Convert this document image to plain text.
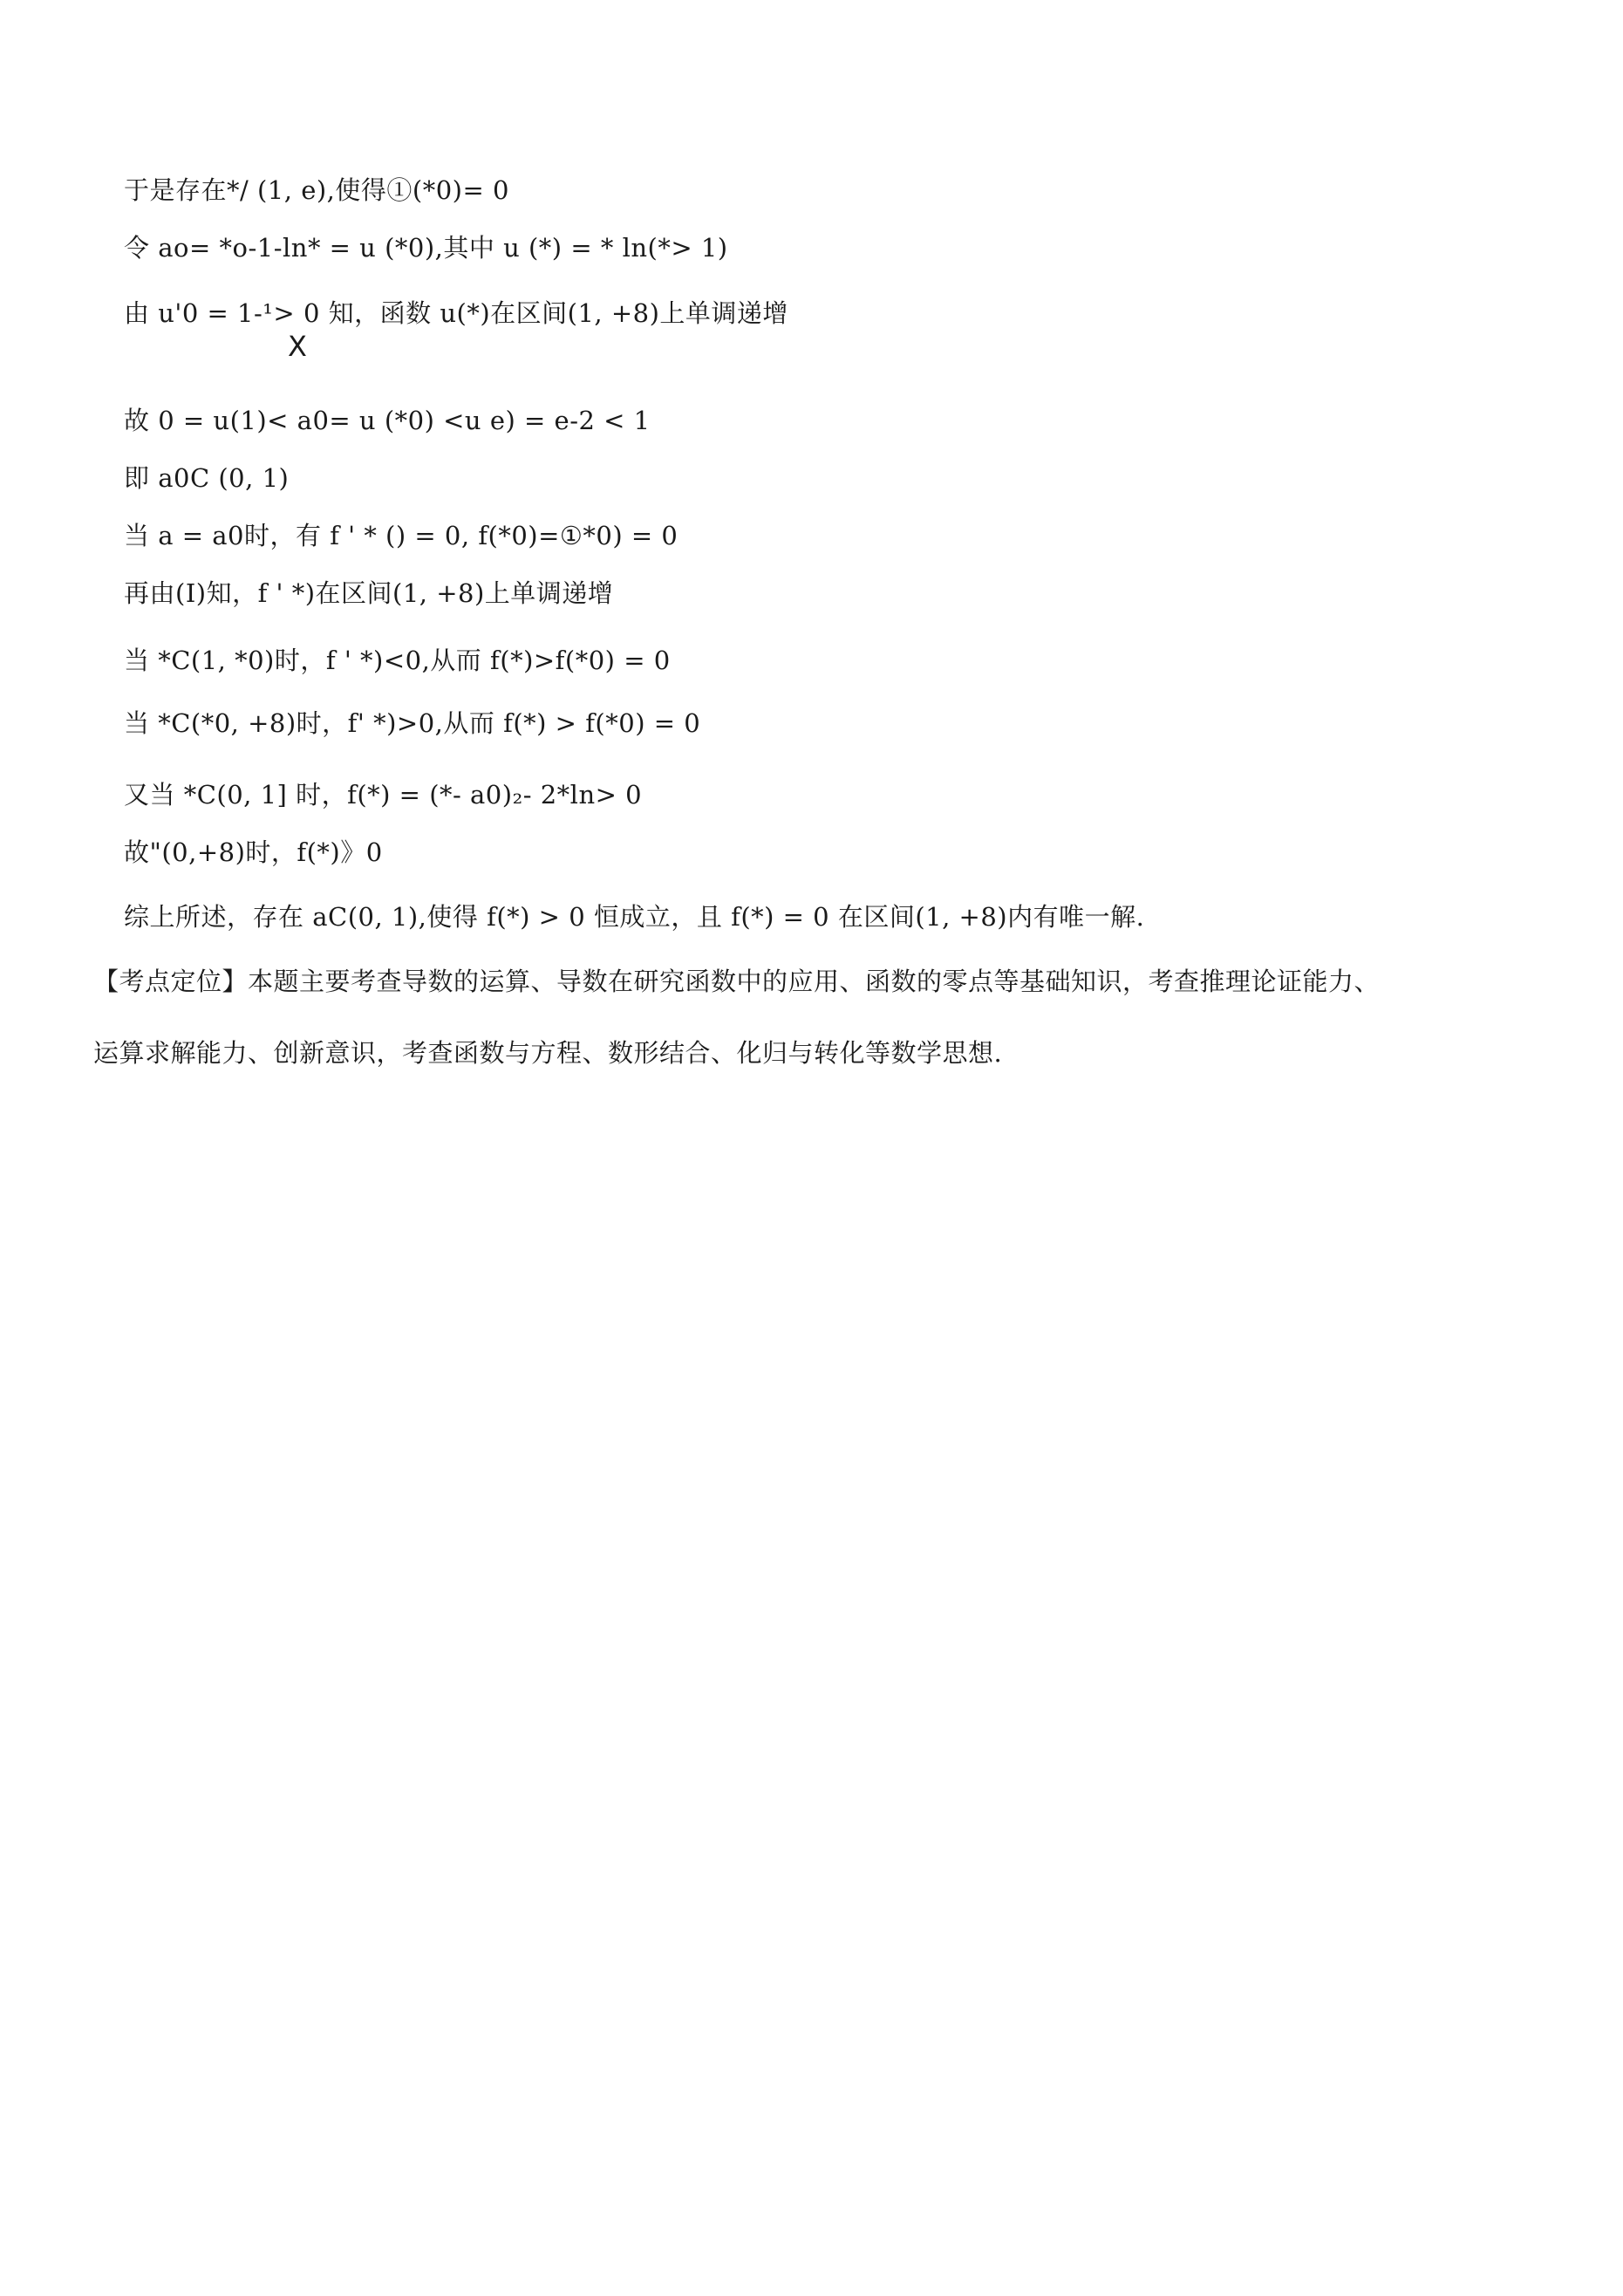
于是存在*/ (1, e),使得①(*0)= 0
令 ao= *o-1-ln* = u (*0),其中 u (*) = * ln(*> 1)
由 u'0 = 1-¹> 0 知，函数 u(*)在区间(1, +8)上单调递增
X
故 0 = u(1)< a0= u (*0) <u e) = e-2 < 1
即 a0C (0, 1)
当 a = a0时，有 f ' * () = 0, f(*0)=①*0) = 0
再由(I)知，f ' *)在区间(1, +8)上单调递增
当 *C(1, *0)时，f ' *)<0,从而 f(*)>f(*0) = 0
当 *C(*0, +8)时，f' *)>0,从而 f(*) > f(*0) = 0
又当 *C(0, 1] 时，f(*) = (*- a0)₂- 2*ln> 0
故"(0,+8)时，f(*)》0
综上所述，存在 aC(0, 1),使得 f(*) > 0 恒成立，且 f(*) = 0 在区间(1, +8)内有唯一解.
【考点定位】本题主要考查导数的运算、导数在研究函数中的应用、函数的零点等基础知识，考查推理论证能力、
运算求解能力、创新意识，考查函数与方程、数形结合、化归与转化等数学思想.
